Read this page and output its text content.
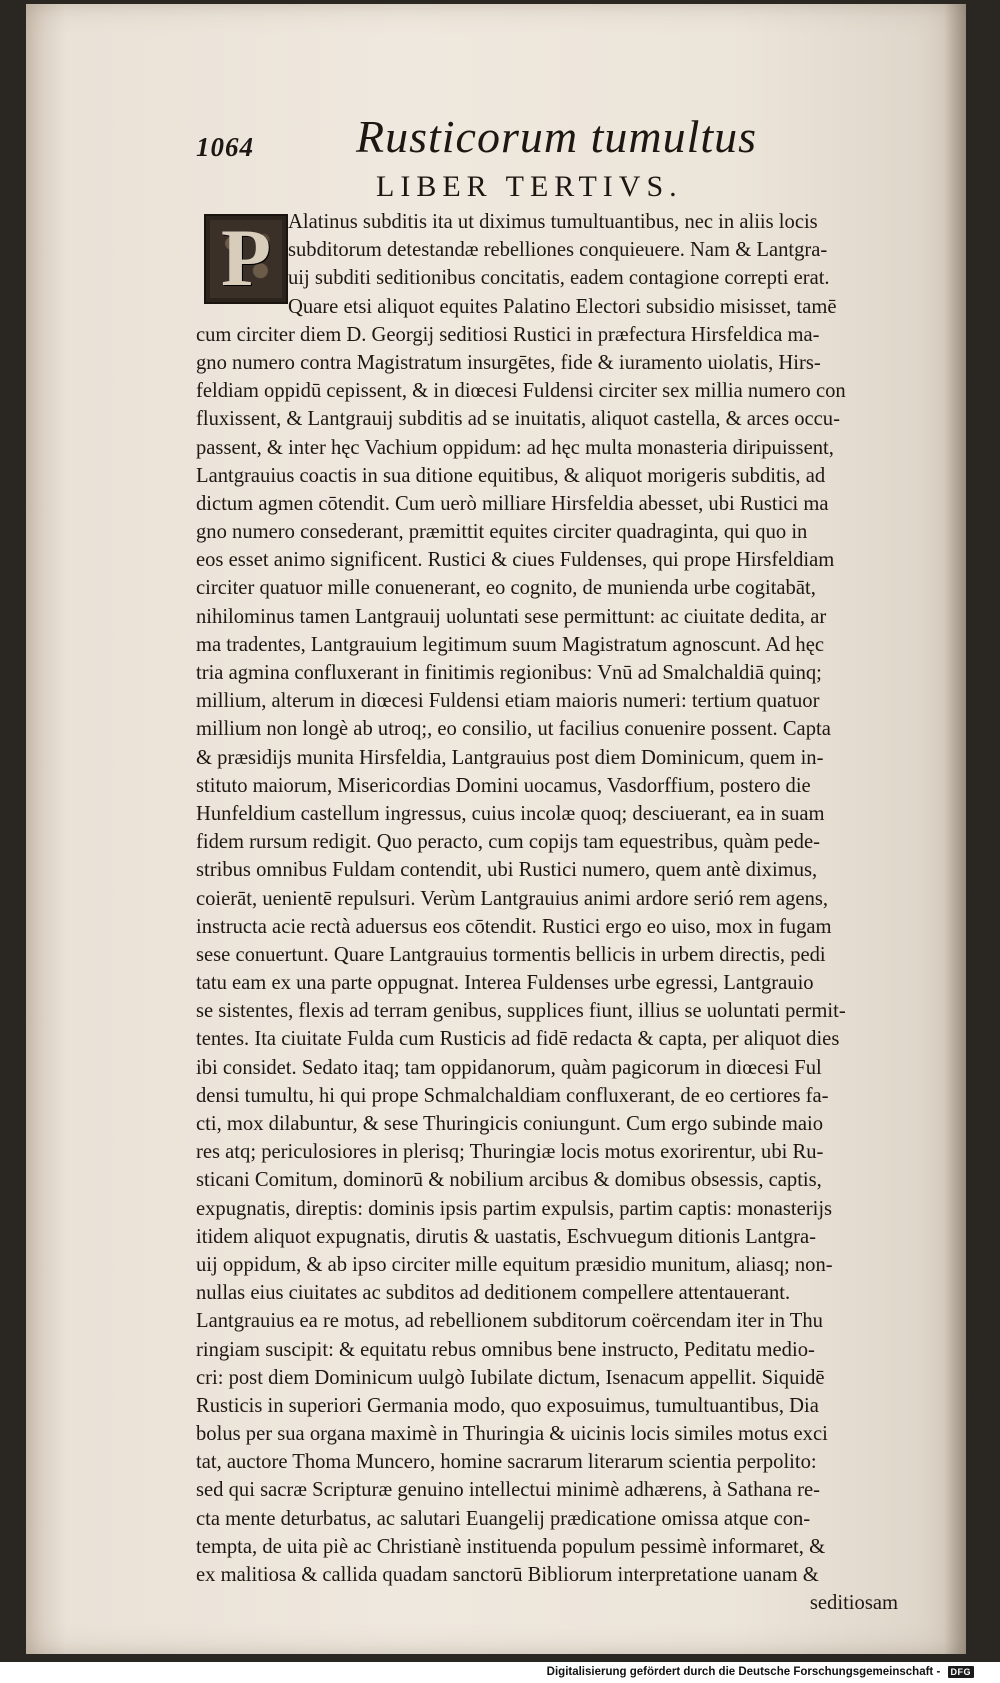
1064 Rusticorum tumultus
LIBER TERTIVS.
P Alatinus subditis ita ut diximus tumultuantibus, nec in aliis locis
subditorum detestandæ rebelliones conquieuere. Nam & Lantgra-
uij subditi seditionibus concitatis, eadem contagione correpti erat.
Quare etsi aliquot equites Palatino Electori subsidio misisset, tamē
cum circiter diem D. Georgij seditiosi Rustici in præfectura Hirsfeldica ma-
gno numero contra Magistratum insurgētes, fide & iuramento uiolatis, Hirs-
feldiam oppidū cepissent, & in diœcesi Fuldensi circiter sex millia numero con
fluxissent, & Lantgrauij subditis ad se inuitatis, aliquot castella, & arces occu-
passent, & inter hęc Vachium oppidum: ad hęc multa monasteria diripuissent,
Lantgrauius coactis in sua ditione equitibus, & aliquot morigeris subditis, ad
dictum agmen cōtendit. Cum uerò milliare Hirsfeldia abesset, ubi Rustici ma
gno numero consederant, præmittit equites circiter quadraginta, qui quo in
eos esset animo significent. Rustici & ciues Fuldenses, qui prope Hirsfeldiam
circiter quatuor mille conuenerant, eo cognito, de munienda urbe cogitabāt,
nihilominus tamen Lantgrauij uoluntati sese permittunt: ac ciuitate dedita, ar
ma tradentes, Lantgrauium legitimum suum Magistratum agnoscunt. Ad hęc
tria agmina confluxerant in finitimis regionibus: Vnū ad Smalchaldiā quinq;
millium, alterum in diœcesi Fuldensi etiam maioris numeri: tertium quatuor
millium non longè ab utroq;, eo consilio, ut facilius conuenire possent. Capta
& præsidijs munita Hirsfeldia, Lantgrauius post diem Dominicum, quem in-
stituto maiorum, Misericordias Domini uocamus, Vasdorffium, postero die
Hunfeldium castellum ingressus, cuius incolæ quoq; desciuerant, ea in suam
fidem rursum redigit. Quo peracto, cum copijs tam equestribus, quàm pede-
stribus omnibus Fuldam contendit, ubi Rustici numero, quem antè diximus,
coierāt, uenientē repulsuri. Verùm Lantgrauius animi ardore serió rem agens,
instructa acie rectà aduersus eos cōtendit. Rustici ergo eo uiso, mox in fugam
sese conuertunt. Quare Lantgrauius tormentis bellicis in urbem directis, pedi
tatu eam ex una parte oppugnat. Interea Fuldenses urbe egressi, Lantgrauio
se sistentes, flexis ad terram genibus, supplices fiunt, illius se uoluntati permit-
tentes. Ita ciuitate Fulda cum Rusticis ad fidē redacta & capta, per aliquot dies
ibi considet. Sedato itaq; tam oppidanorum, quàm pagicorum in diœcesi Ful
densi tumultu, hi qui prope Schmalchaldiam confluxerant, de eo certiores fa-
cti, mox dilabuntur, & sese Thuringicis coniungunt. Cum ergo subinde maio
res atq; periculosiores in plerisq; Thuringiæ locis motus exorirentur, ubi Ru-
sticani Comitum, dominorū & nobilium arcibus & domibus obsessis, captis,
expugnatis, direptis: dominis ipsis partim expulsis, partim captis: monasterijs
itidem aliquot expugnatis, dirutis & uastatis, Eschvuegum ditionis Lantgra-
uij oppidum, & ab ipso circiter mille equitum præsidio munitum, aliasq; non-
nullas eius ciuitates ac subditos ad deditionem compellere attentauerant.
Lantgrauius ea re motus, ad rebellionem subditorum coërcendam iter in Thu
ringiam suscipit: & equitatu rebus omnibus bene instructo, Peditatu medio-
cri: post diem Dominicum uulgò Iubilate dictum, Isenacum appellit. Siquidē
Rusticis in superiori Germania modo, quo exposuimus, tumultuantibus, Dia
bolus per sua organa maximè in Thuringia & uicinis locis similes motus exci
tat, auctore Thoma Muncero, homine sacrarum literarum scientia perpolito:
sed qui sacræ Scripturæ genuino intellectui minimè adhærens, à Sathana re-
cta mente deturbatus, ac salutari Euangelij prædicatione omissa atque con-
tempta, de uita piè ac Christianè instituenda populum pessimè informaret, &
ex malitiosa & callida quadam sanctorū Bibliorum interpretatione uanam &
seditiosam
Digitalisierung gefördert durch die Deutsche Forschungsgemeinschaft - DFG
